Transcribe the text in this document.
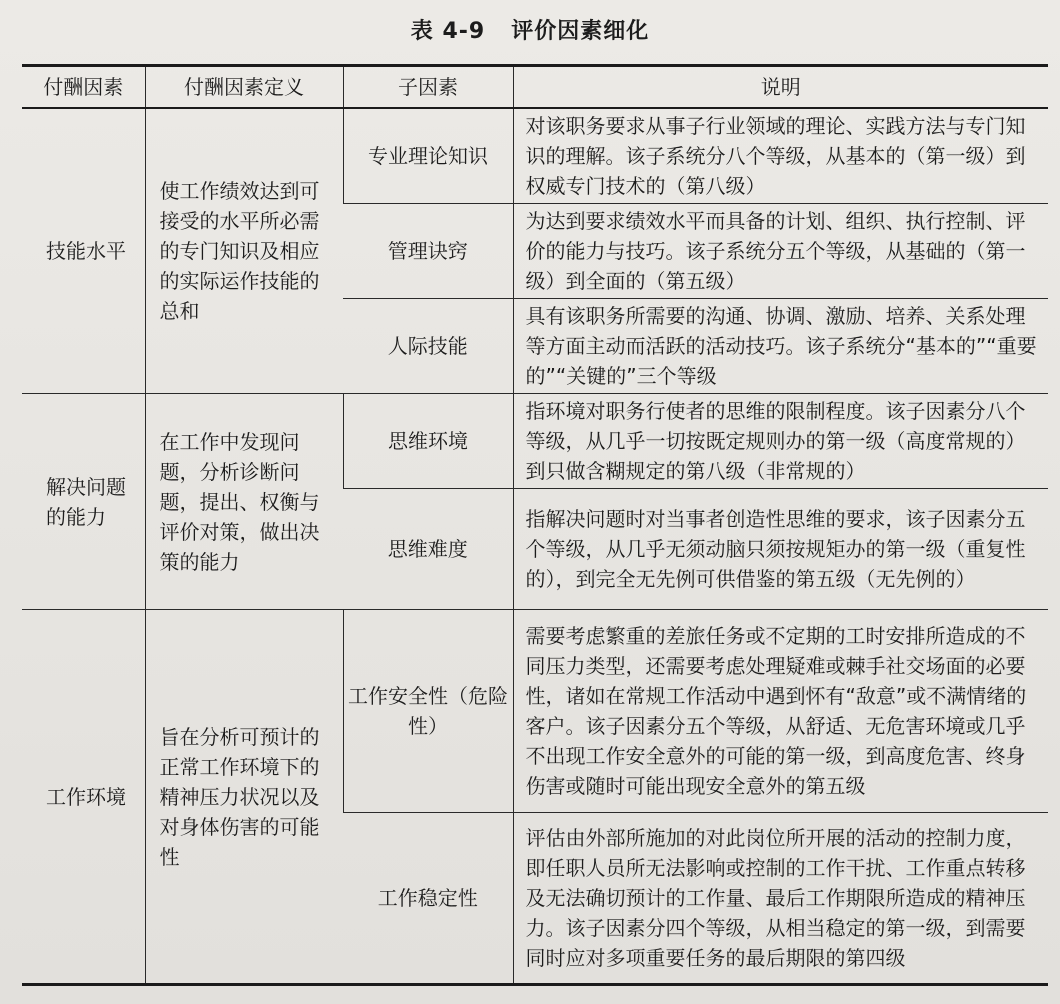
表 4-9 评价因素细化
付酬因素	付酬因素定义	子因素	说明
技能水平	使工作绩效达到可接受的水平所必需的专门知识及相应的实际运作技能的总和	专业理论知识	对该职务要求从事子行业领域的理论、实践方法与专门知识的理解。该子系统分八个等级，从基本的（第一级）到权威专门技术的（第八级）
		管理诀窍	为达到要求绩效水平而具备的计划、组织、执行控制、评价的能力与技巧。该子系统分五个等级，从基础的（第一级）到全面的（第五级）
		人际技能	具有该职务所需要的沟通、协调、激励、培养、关系处理等方面主动而活跃的活动技巧。该子系统分“基本的”“重要的”“关键的”三个等级
解决问题的能力	在工作中发现问题，分析诊断问题，提出、权衡与评价对策，做出决策的能力	思维环境	指环境对职务行使者的思维的限制程度。该子因素分八个等级，从几乎一切按既定规则办的第一级（高度常规的）到只做含糊规定的第八级（非常规的）
		思维难度	指解决问题时对当事者创造性思维的要求，该子因素分五个等级，从几乎无须动脑只须按规矩办的第一级（重复性的），到完全无先例可供借鉴的第五级（无先例的）
工作环境	旨在分析可预计的正常工作环境下的精神压力状况以及对身体伤害的可能性	工作安全性（危险性）	需要考虑繁重的差旅任务或不定期的工时安排所造成的不同压力类型，还需要考虑处理疑难或棘手社交场面的必要性，诸如在常规工作活动中遇到怀有“敌意”或不满情绪的客户。该子因素分五个等级，从舒适、无危害环境或几乎不出现工作安全意外的可能的第一级，到高度危害、终身伤害或随时可能出现安全意外的第五级
		工作稳定性	评估由外部所施加的对此岗位所开展的活动的控制力度，即任职人员所无法影响或控制的工作干扰、工作重点转移及无法确切预计的工作量、最后工作期限所造成的精神压力。该子因素分四个等级，从相当稳定的第一级，到需要同时应对多项重要任务的最后期限的第四级
